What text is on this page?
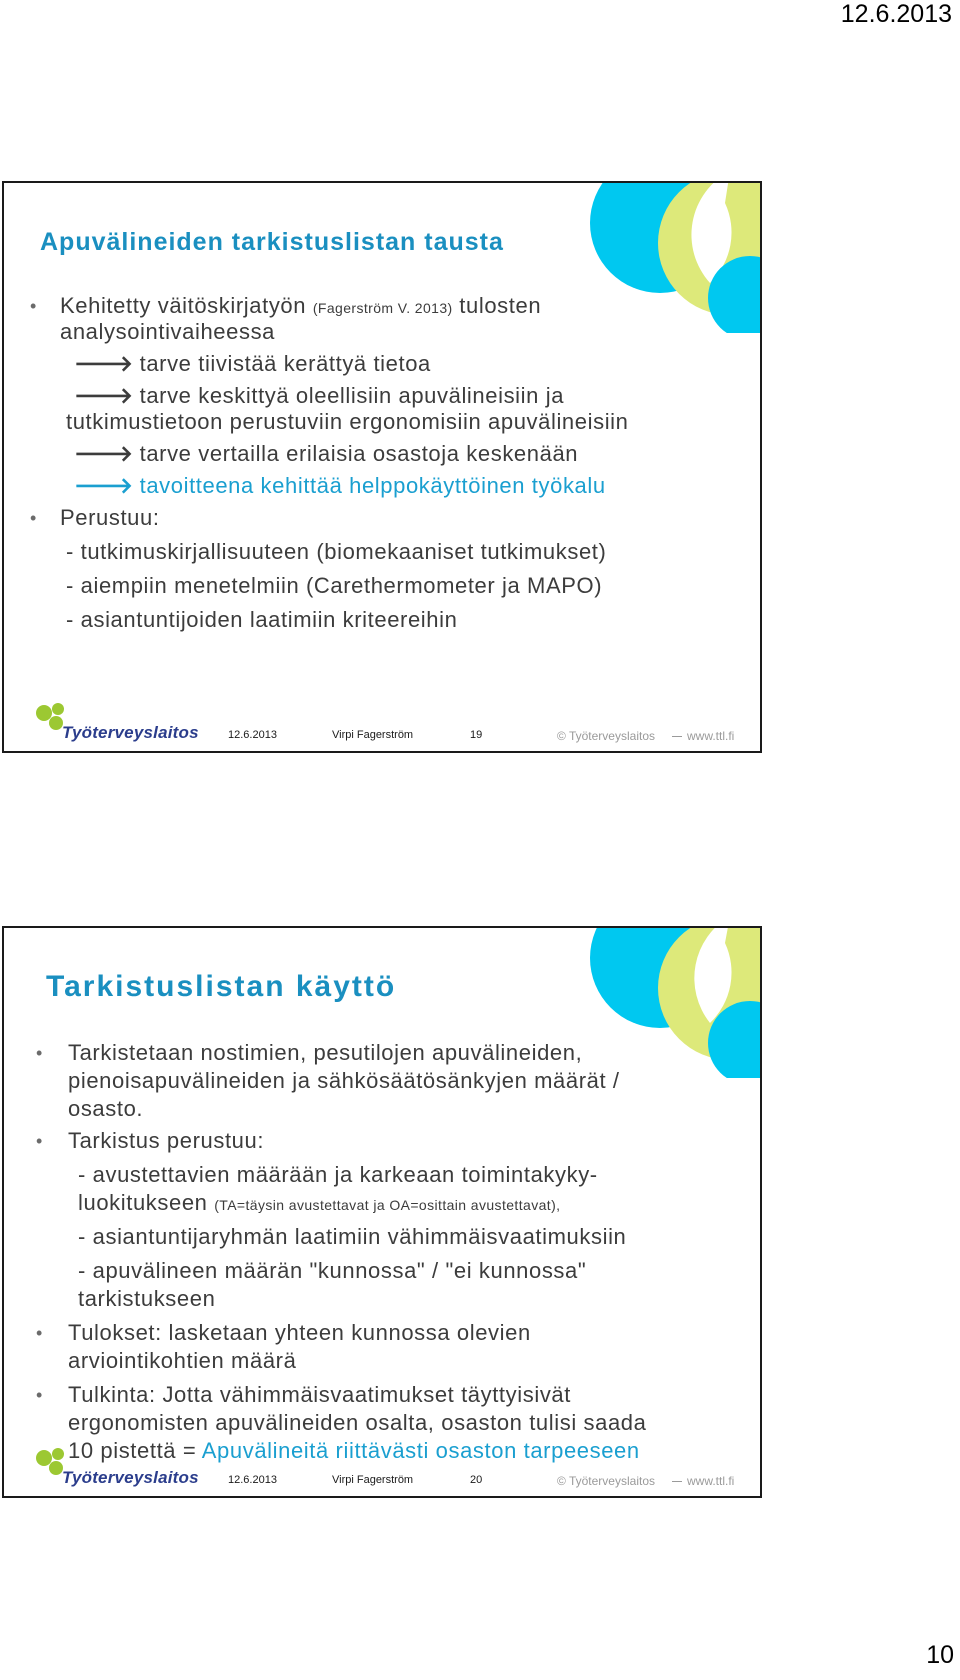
12.6.2013
Apuvälineiden tarkistuslistan tausta
• Kehitetty väitöskirjatyön (Fagerström V. 2013) tulosten
analysointivaiheessa
🡒 tarve tiivistää kerättyä tietoa
🡒 tarve keskittyä oleellisiin apuvälineisiin ja
tutkimustietoon perustuviin ergonomisiin apuvälineisiin
🡒 tarve vertailla erilaisia osastoja keskenään
🡒 tavoitteena kehittää helppokäyttöinen työkalu
• Perustuu:
- tutkimuskirjallisuuteen (biomekaaniset tutkimukset)
- aiempiin menetelmiin (Carethermometer ja MAPO)
- asiantuntijoiden laatimiin kriteereihin
Työterveyslaitos	12.6.2013	Virpi Fagerström	19	© Työterveyslaitos	www.ttl.fi
Tarkistuslistan käyttö
• Tarkistetaan nostimien, pesutilojen apuvälineiden,
pienoisapuvälineiden ja sähkösäätösänkyjen määrät /
osasto.
• Tarkistus perustuu:
- avustettavien määrään ja karkeaan toimintakyky-
luokitukseen (TA=täysin avustettavat ja OA=osittain avustettavat),
- asiantuntijaryhmän laatimiin vähimmäisvaatimuksiin
- apuvälineen määrän "kunnossa" / "ei kunnossa"
tarkistukseen
• Tulokset: lasketaan yhteen kunnossa olevien
arviointikohtien määrä
• Tulkinta: Jotta vähimmäisvaatimukset täyttyisivät
ergonomisten apuvälineiden osalta, osaston tulisi saada
10 pistettä = Apuvälineitä riittävästi osaston tarpeeseen
Työterveyslaitos	12.6.2013	Virpi Fagerström	20	© Työterveyslaitos	www.ttl.fi
10
